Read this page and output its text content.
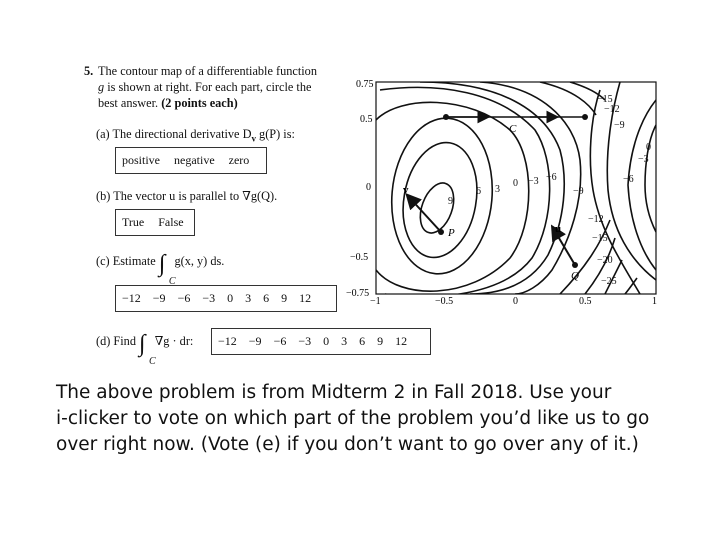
5. The contour map of a differentiable function
g is shown at right. For each part, circle the
best answer. (2 points each)
(a) The directional derivative $D_v$ g(P) is:
positive negative zero
(b) The vector u is parallel to ∇g(Q).
True False
(c) Estimate ∫
C
g(x, y) ds.
−12 −9 −6 −3 0 3 6 9 12
(d) Find ∫
C
∇g · dr: −12 −9 −6 −3 0 3 6 9 12
0.75
0.5
0
−0.5
−0.75
−1	−0.5	0	0.5	1
C
P
v
Q
u
−15
−12
−9
0
−3
−6
−3
0
3
6
9
−6
−9
−12
−15
−20
−25
The above problem is from Midterm 2 in Fall 2018. Use your
i-clicker to vote on which part of the problem you’d like us to go
over right now. (Vote (e) if you don’t want to go over any of it.)
